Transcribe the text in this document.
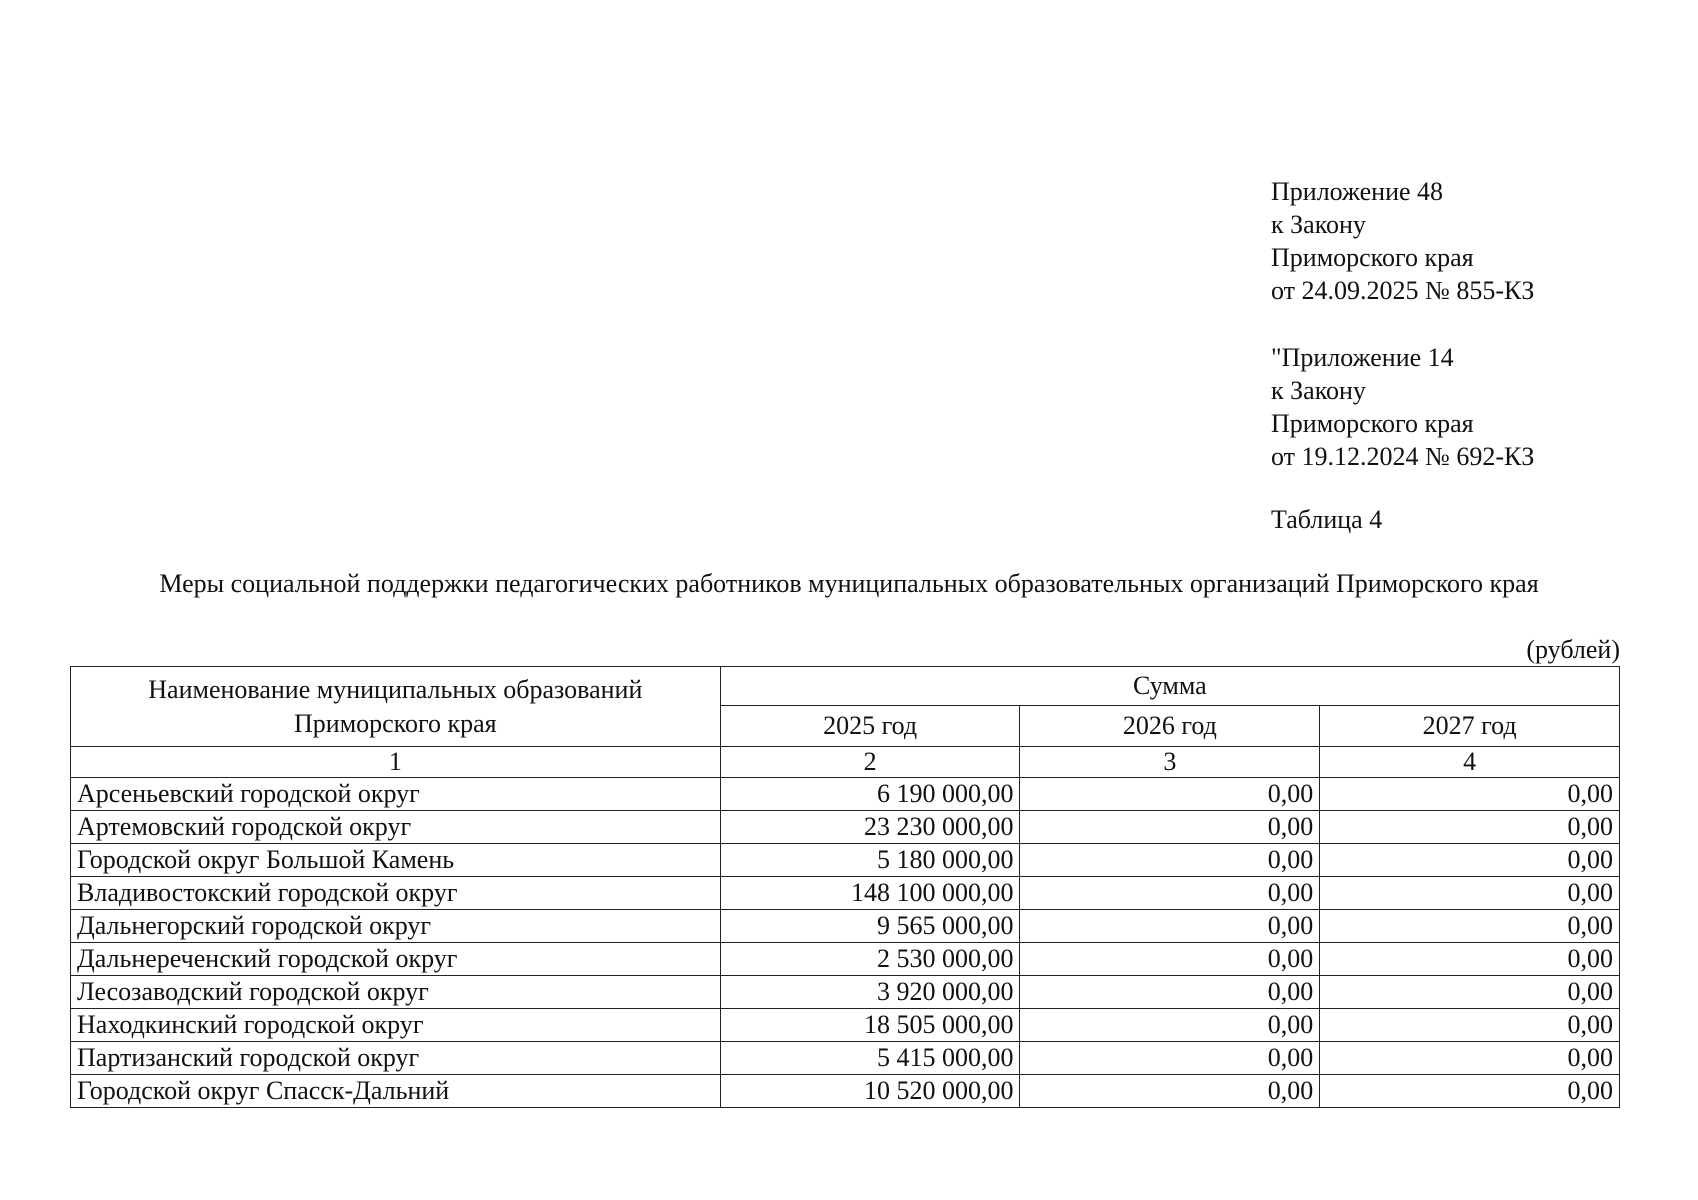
Приложение 48
к Закону
Приморского края
от 24.09.2025 № 855-КЗ
"Приложение 14
к Закону
Приморского края
от 19.12.2024 № 692-КЗ
Таблица 4
Меры социальной поддержки педагогических работников муниципальных образовательных организаций Приморского края
(рублей)
Наименование муниципальных образований Приморского края	Сумма		
	2025 год	2026 год	2027 год
1	2	3	4
Арсеньевский городской округ	6 190 000,00	0,00	0,00
Артемовский городской округ	23 230 000,00	0,00	0,00
Городской округ Большой Камень	5 180 000,00	0,00	0,00
Владивостокский городской округ	148 100 000,00	0,00	0,00
Дальнегорский городской округ	9 565 000,00	0,00	0,00
Дальнереченский городской округ	2 530 000,00	0,00	0,00
Лесозаводский городской округ	3 920 000,00	0,00	0,00
Находкинский городской округ	18 505 000,00	0,00	0,00
Партизанский городской округ	5 415 000,00	0,00	0,00
Городской округ Спасск-Дальний	10 520 000,00	0,00	0,00
